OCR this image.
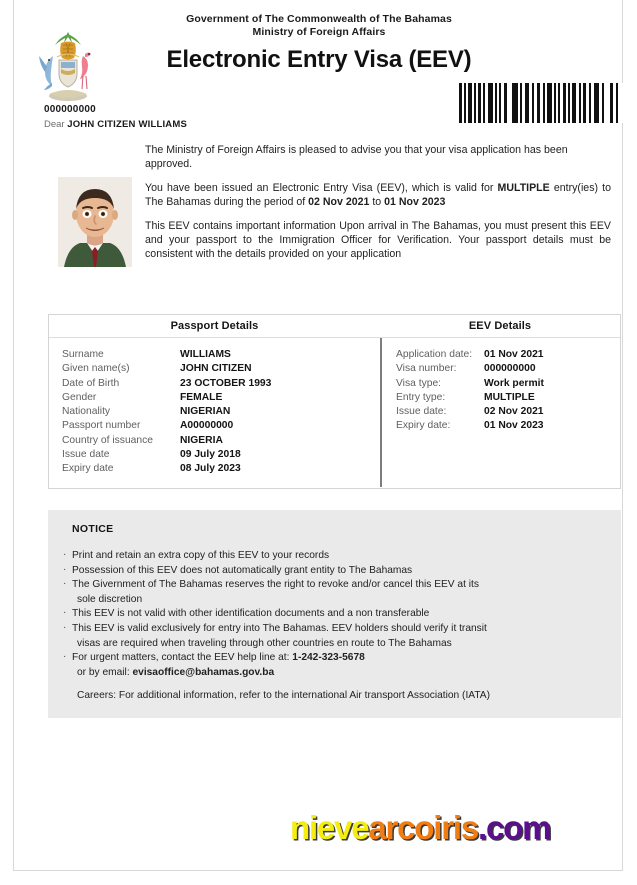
Government of The Commonwealth of The Bahamas
Ministry of Foreign Affairs
Electronic Entry Visa (EEV)
000000000
Dear JOHN CITIZEN WILLIAMS

The Ministry of Foreign Affairs is pleased to advise you that your visa application has been approved.

You have been issued an Electronic Entry Visa (EEV), which is valid for MULTIPLE entry(ies) to The Bahamas during the period of 02 Nov 2021 to 01 Nov 2023

This EEV contains important information Upon arrival in The Bahamas, you must present this EEV and your passport to the Immigration Officer for Verification. Your passport details must be consistent with the details provided on your application

Passport Details
Surname	WILLIAMS
Given name(s)	JOHN CITIZEN
Date of Birth	23 OCTOBER 1993
Gender	FEMALE
Nationality	NIGERIAN
Passport number	A00000000
Country of issuance	NIGERIA
Issue date	09 July 2018
Expiry date	08 July 2023
EEV Details
Application date:	01 Nov 2021
Visa number:	000000000
Visa type:	Work permit
Entry type:	MULTIPLE
Issue date:	02 Nov 2021
Expiry date:	01 Nov 2023
NOTICE
· Print and retain an extra copy of this EEV to your records
· Possession of this EEV does not automatically grant entity to The Bahamas
· The Givernment of The Bahamas reserves the right to revoke and/or cancel this EEV at its
sole discretion
· This EEV is not valid with other identification documents and a non transferable
· This EEV is valid exclusively for entry into The Bahamas. EEV holders should verify it transit
visas are required when traveling through other countries en route to The Bahamas
· For urgent matters, contact the EEV help line at: 1-242-323-5678
or by email: evisaoffice@bahamas.gov.ba
Careers: For additional information, refer to the international Air transport Association (IATA)
nievearcoiris.com
